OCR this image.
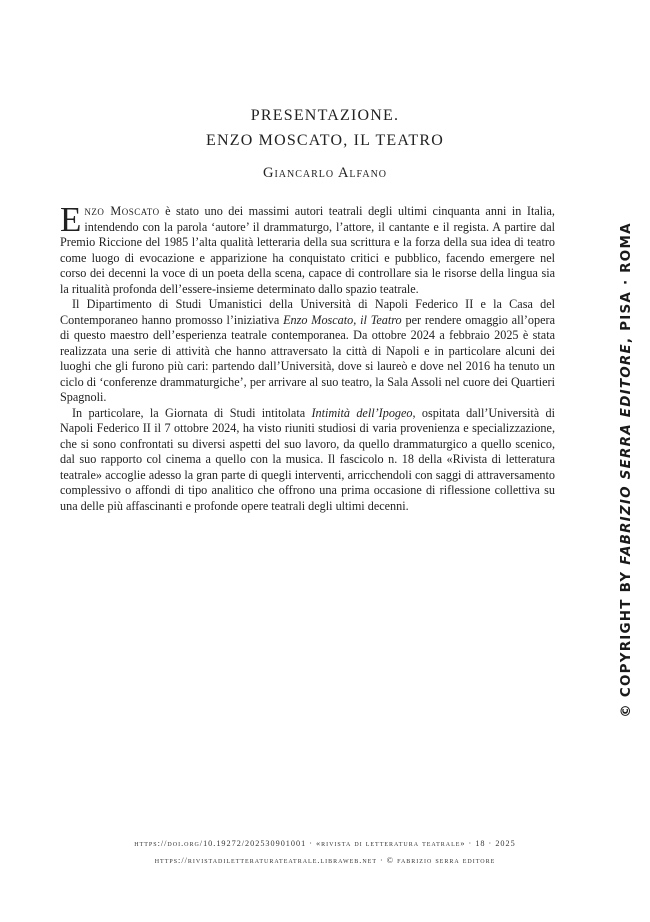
PRESENTAZIONE.
ENZO MOSCATO, IL TEATRO
Giancarlo Alfano

Enzo Moscato è stato uno dei massimi autori teatrali degli ultimi cinquanta anni in Italia, intendendo con la parola ‘autore’ il drammaturgo, l’attore, il cantante e il regista. A partire dal Premio Riccione del 1985 l’alta qualità letteraria della sua scrittura e la forza della sua idea di teatro come luogo di evocazione e apparizione ha conquistato critici e pubblico, facendo emergere nel corso dei decenni la voce di un poeta della scena, capace di controllare sia le risorse della lingua sia la ritualità profonda dell’essere-insieme determinato dallo spazio teatrale.

Il Dipartimento di Studi Umanistici della Università di Napoli Federico II e la Casa del Contemporaneo hanno promosso l’iniziativa Enzo Moscato, il Teatro per rendere omaggio all’opera di questo maestro dell’esperienza teatrale contemporanea. Da ottobre 2024 a febbraio 2025 è stata realizzata una serie di attività che hanno attraversato la città di Napoli e in particolare alcuni dei luoghi che gli furono più cari: partendo dall’Università, dove si laureò e dove nel 2016 ha tenuto un ciclo di ‘conferenze drammaturgiche’, per arrivare al suo teatro, la Sala Assoli nel cuore dei Quartieri Spagnoli.

In particolare, la Giornata di Studi intitolata Intimità dell’Ipogeo, ospitata dall’Università di Napoli Federico II il 7 ottobre 2024, ha visto riuniti studiosi di varia provenienza e specializzazione, che si sono confrontati su diversi aspetti del suo lavoro, da quello drammaturgico a quello scenico, dal suo rapporto col cinema a quello con la musica. Il fascicolo n. 18 della «Rivista di letteratura teatrale» accoglie adesso la gran parte di quegli interventi, arricchendoli con saggi di attraversamento complessivo o affondi di tipo analitico che offrono una prima occasione di riflessione collettiva su una delle più affascinanti e profonde opere teatrali degli ultimi decenni.

© COPYRIGHT BY FABRIZIO SERRA EDITORE, PISA · ROMA
https://doi.org/10.19272/202530901001 · «rivista di letteratura teatrale» · 18 · 2025
https://rivistadiletteraturateatrale.libraweb.net · © fabrizio serra editore
